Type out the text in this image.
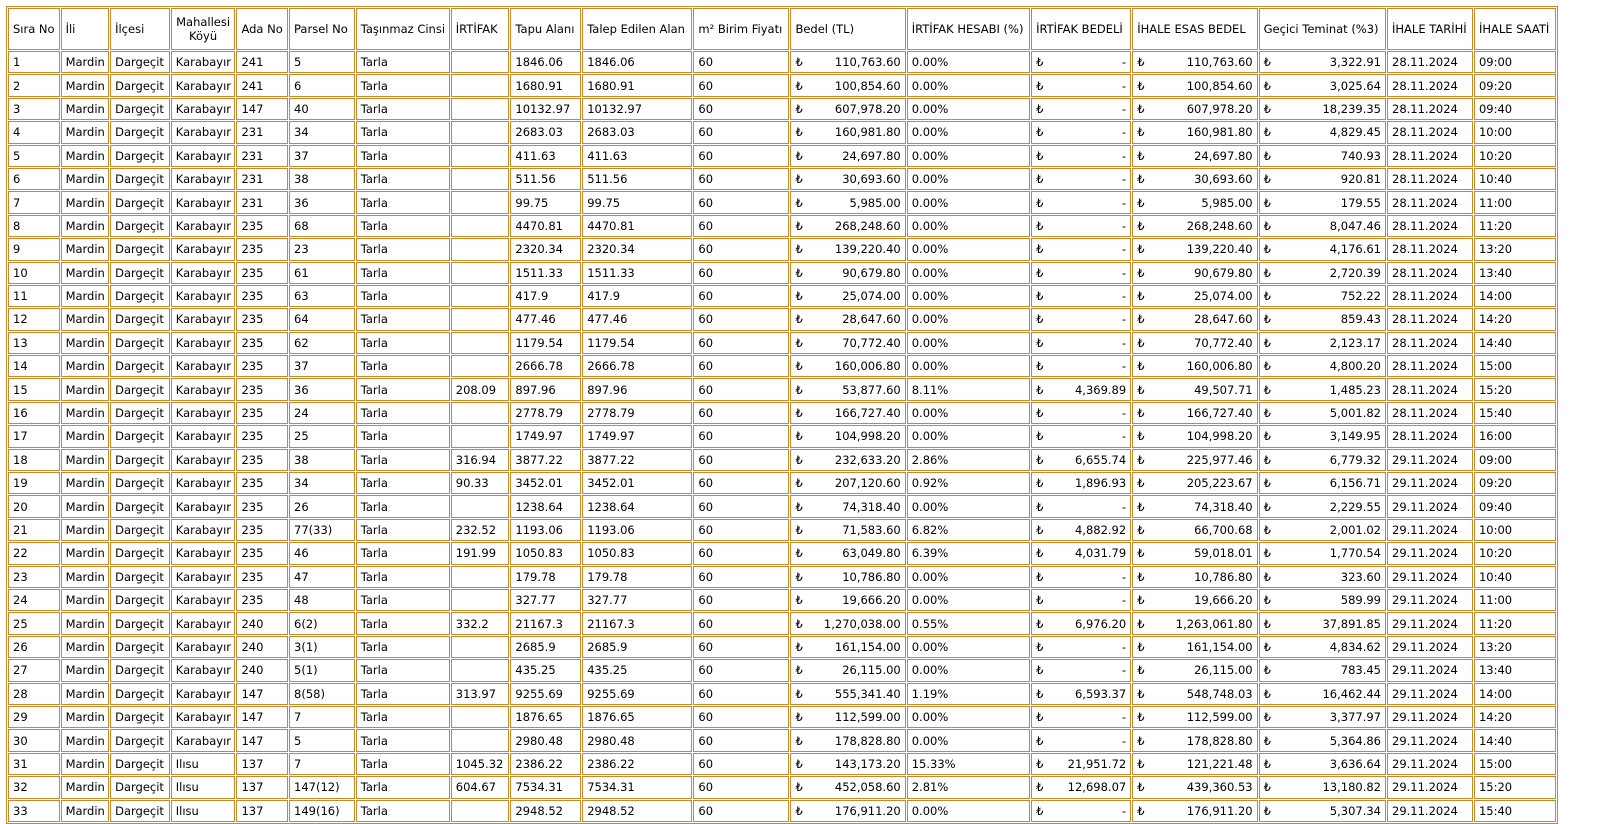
Sıra No	İli	İlçesi	Mahallesi Köyü	Ada No	Parsel No	Taşınmaz Cinsi	İRTİFAK	Tapu Alanı	Talep Edilen Alan	m² Birim Fiyatı	Bedel (TL)	İRTİFAK HESABI (%)	İRTİFAK BEDELİ	İHALE ESAS BEDEL	Geçici Teminat (%3)	İHALE TARİHİ	İHALE SAATİ
1	Mardin	Dargeçit	Karabayır	241	5	Tarla		1846.06	1846.06	60	₺ 110,763.60	0.00%	₺ -	₺ 110,763.60	₺ 3,322.91	28.11.2024	09:00
2	Mardin	Dargeçit	Karabayır	241	6	Tarla		1680.91	1680.91	60	₺ 100,854.60	0.00%	₺ -	₺ 100,854.60	₺ 3,025.64	28.11.2024	09:20
3	Mardin	Dargeçit	Karabayır	147	40	Tarla		10132.97	10132.97	60	₺ 607,978.20	0.00%	₺ -	₺ 607,978.20	₺ 18,239.35	28.11.2024	09:40
4	Mardin	Dargeçit	Karabayır	231	34	Tarla		2683.03	2683.03	60	₺ 160,981.80	0.00%	₺ -	₺ 160,981.80	₺ 4,829.45	28.11.2024	10:00
5	Mardin	Dargeçit	Karabayır	231	37	Tarla		411.63	411.63	60	₺ 24,697.80	0.00%	₺ -	₺ 24,697.80	₺ 740.93	28.11.2024	10:20
6	Mardin	Dargeçit	Karabayır	231	38	Tarla		511.56	511.56	60	₺ 30,693.60	0.00%	₺ -	₺ 30,693.60	₺ 920.81	28.11.2024	10:40
7	Mardin	Dargeçit	Karabayır	231	36	Tarla		99.75	99.75	60	₺ 5,985.00	0.00%	₺ -	₺ 5,985.00	₺ 179.55	28.11.2024	11:00
8	Mardin	Dargeçit	Karabayır	235	68	Tarla		4470.81	4470.81	60	₺ 268,248.60	0.00%	₺ -	₺ 268,248.60	₺ 8,047.46	28.11.2024	11:20
9	Mardin	Dargeçit	Karabayır	235	23	Tarla		2320.34	2320.34	60	₺ 139,220.40	0.00%	₺ -	₺ 139,220.40	₺ 4,176.61	28.11.2024	13:20
10	Mardin	Dargeçit	Karabayır	235	61	Tarla		1511.33	1511.33	60	₺ 90,679.80	0.00%	₺ -	₺ 90,679.80	₺ 2,720.39	28.11.2024	13:40
11	Mardin	Dargeçit	Karabayır	235	63	Tarla		417.9	417.9	60	₺ 25,074.00	0.00%	₺ -	₺ 25,074.00	₺ 752.22	28.11.2024	14:00
12	Mardin	Dargeçit	Karabayır	235	64	Tarla		477.46	477.46	60	₺ 28,647.60	0.00%	₺ -	₺ 28,647.60	₺ 859.43	28.11.2024	14:20
13	Mardin	Dargeçit	Karabayır	235	62	Tarla		1179.54	1179.54	60	₺ 70,772.40	0.00%	₺ -	₺ 70,772.40	₺ 2,123.17	28.11.2024	14:40
14	Mardin	Dargeçit	Karabayır	235	37	Tarla		2666.78	2666.78	60	₺ 160,006.80	0.00%	₺ -	₺ 160,006.80	₺ 4,800.20	28.11.2024	15:00
15	Mardin	Dargeçit	Karabayır	235	36	Tarla	208.09	897.96	897.96	60	₺ 53,877.60	8.11%	₺ 4,369.89	₺ 49,507.71	₺ 1,485.23	28.11.2024	15:20
16	Mardin	Dargeçit	Karabayır	235	24	Tarla		2778.79	2778.79	60	₺ 166,727.40	0.00%	₺ -	₺ 166,727.40	₺ 5,001.82	28.11.2024	15:40
17	Mardin	Dargeçit	Karabayır	235	25	Tarla		1749.97	1749.97	60	₺ 104,998.20	0.00%	₺ -	₺ 104,998.20	₺ 3,149.95	28.11.2024	16:00
18	Mardin	Dargeçit	Karabayır	235	38	Tarla	316.94	3877.22	3877.22	60	₺ 232,633.20	2.86%	₺ 6,655.74	₺ 225,977.46	₺ 6,779.32	29.11.2024	09:00
19	Mardin	Dargeçit	Karabayır	235	34	Tarla	90.33	3452.01	3452.01	60	₺ 207,120.60	0.92%	₺ 1,896.93	₺ 205,223.67	₺ 6,156.71	29.11.2024	09:20
20	Mardin	Dargeçit	Karabayır	235	26	Tarla		1238.64	1238.64	60	₺ 74,318.40	0.00%	₺ -	₺ 74,318.40	₺ 2,229.55	29.11.2024	09:40
21	Mardin	Dargeçit	Karabayır	235	77(33)	Tarla	232.52	1193.06	1193.06	60	₺ 71,583.60	6.82%	₺ 4,882.92	₺ 66,700.68	₺ 2,001.02	29.11.2024	10:00
22	Mardin	Dargeçit	Karabayır	235	46	Tarla	191.99	1050.83	1050.83	60	₺ 63,049.80	6.39%	₺ 4,031.79	₺ 59,018.01	₺ 1,770.54	29.11.2024	10:20
23	Mardin	Dargeçit	Karabayır	235	47	Tarla		179.78	179.78	60	₺ 10,786.80	0.00%	₺ -	₺ 10,786.80	₺ 323.60	29.11.2024	10:40
24	Mardin	Dargeçit	Karabayır	235	48	Tarla		327.77	327.77	60	₺ 19,666.20	0.00%	₺ -	₺ 19,666.20	₺ 589.99	29.11.2024	11:00
25	Mardin	Dargeçit	Karabayır	240	6(2)	Tarla	332.2	21167.3	21167.3	60	₺ 1,270,038.00	0.55%	₺ 6,976.20	₺ 1,263,061.80	₺ 37,891.85	29.11.2024	11:20
26	Mardin	Dargeçit	Karabayır	240	3(1)	Tarla		2685.9	2685.9	60	₺ 161,154.00	0.00%	₺ -	₺ 161,154.00	₺ 4,834.62	29.11.2024	13:20
27	Mardin	Dargeçit	Karabayır	240	5(1)	Tarla		435.25	435.25	60	₺ 26,115.00	0.00%	₺ -	₺ 26,115.00	₺ 783.45	29.11.2024	13:40
28	Mardin	Dargeçit	Karabayır	147	8(58)	Tarla	313.97	9255.69	9255.69	60	₺ 555,341.40	1.19%	₺ 6,593.37	₺ 548,748.03	₺ 16,462.44	29.11.2024	14:00
29	Mardin	Dargeçit	Karabayır	147	7	Tarla		1876.65	1876.65	60	₺ 112,599.00	0.00%	₺ -	₺ 112,599.00	₺ 3,377.97	29.11.2024	14:20
30	Mardin	Dargeçit	Karabayır	147	5	Tarla		2980.48	2980.48	60	₺ 178,828.80	0.00%	₺ -	₺ 178,828.80	₺ 5,364.86	29.11.2024	14:40
31	Mardin	Dargeçit	Ilısu	137	7	Tarla	1045.32	2386.22	2386.22	60	₺ 143,173.20	15.33%	₺ 21,951.72	₺ 121,221.48	₺ 3,636.64	29.11.2024	15:00
32	Mardin	Dargeçit	Ilısu	137	147(12)	Tarla	604.67	7534.31	7534.31	60	₺ 452,058.60	2.81%	₺ 12,698.07	₺ 439,360.53	₺ 13,180.82	29.11.2024	15:20
33	Mardin	Dargeçit	Ilısu	137	149(16)	Tarla		2948.52	2948.52	60	₺ 176,911.20	0.00%	₺ -	₺ 176,911.20	₺ 5,307.34	29.11.2024	15:40
